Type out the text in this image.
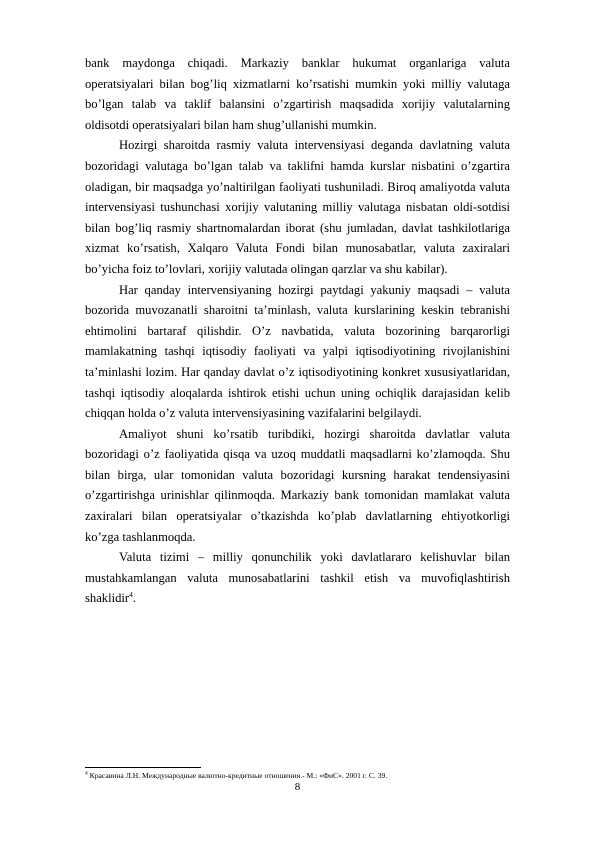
bank maydonga chiqadi. Markaziy banklar hukumat organlariga valuta operatsiyalari bilan bog’liq xizmatlarni ko’rsatishi mumkin yoki milliy valutaga bo’lgan talab va taklif balansini o’zgartirish maqsadida xorijiy valutalarning oldisotdi operatsiyalari bilan ham shug’ullanishi mumkin.

Hozirgi sharoitda rasmiy valuta intervensiyasi deganda davlatning valuta bozoridagi valutaga bo’lgan talab va taklifni hamda kurslar nisbatini o’zgartira oladigan, bir maqsadga yo’naltirilgan faoliyati tushuniladi. Biroq amaliyotda valuta intervensiyasi tushunchasi xorijiy valutaning milliy valutaga nisbatan oldi-sotdisi bilan bog’liq rasmiy shartnomalardan iborat (shu jumladan, davlat tashkilotlariga xizmat ko’rsatish, Xalqaro Valuta Fondi bilan munosabatlar, valuta zaxiralari bo’yicha foiz to’lovlari, xorijiy valutada olingan qarzlar va shu kabilar).

Har qanday intervensiyaning hozirgi paytdagi yakuniy maqsadi – valuta bozorida muvozanatli sharoitni ta’minlash, valuta kurslarining keskin tebranishi ehtimolini bartaraf qilishdir. O’z navbatida, valuta bozorining barqarorligi mamlakatning tashqi iqtisodiy faoliyati va yalpi iqtisodiyotining rivojlanishini ta’minlashi lozim. Har qanday davlat o’z iqtisodiyotining konkret xususiyatlaridan, tashqi iqtisodiy aloqalarda ishtirok etishi uchun uning ochiqlik darajasidan kelib chiqqan holda o’z valuta intervensiyasining vazifalarini belgilaydi.

Amaliyot shuni ko’rsatib turibdiki, hozirgi sharoitda davlatlar valuta bozoridagi o’z faoliyatida qisqa va uzoq muddatli maqsadlarni ko’zlamoqda. Shu bilan birga, ular tomonidan valuta bozoridagi kursning harakat tendensiyasini o’zgartirishga urinishlar qilinmoqda. Markaziy bank tomonidan mamlakat valuta zaxiralari bilan operatsiyalar o’tkazishda ko’plab davlatlarning ehtiyotkorligi ko’zga tashlanmoqda.

Valuta tizimi – milliy qonunchilik yoki davlatlararo kelishuvlar bilan mustahkamlangan valuta munosabatlarini tashkil etish va muvofiqlashtirish shaklidir$^4$.

$^4$ Красавина Л.Н. Международные валютно-кредитные отношения.- М.: «ФиС». 2001 г. С. 39.
8
